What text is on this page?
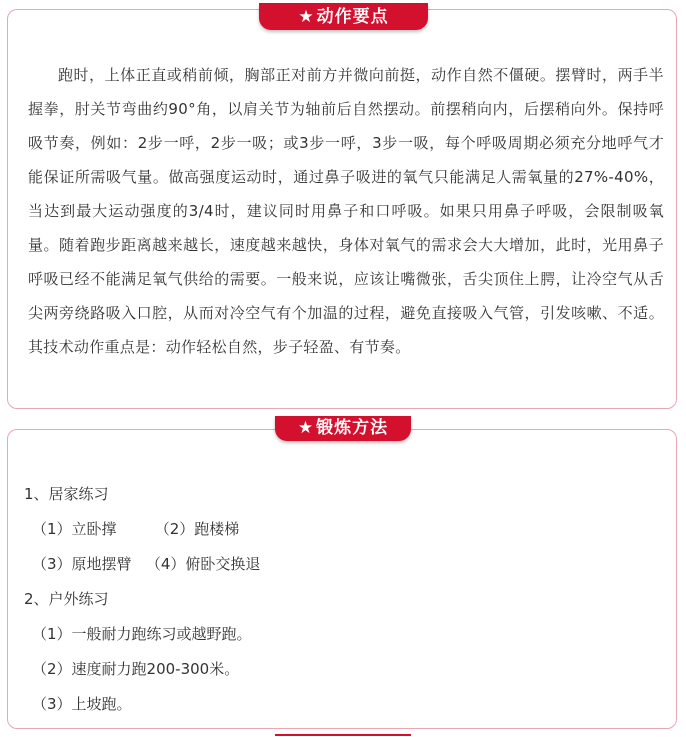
★ 动作要点

跑时，上体正直或稍前倾，胸部正对前方并微向前挺，动作自然不僵硬。摆臂时，两手半握拳，肘关节弯曲约90°角，以肩关节为轴前后自然摆动。前摆稍向内，后摆稍向外。保持呼吸节奏，例如：2步一呼，2步一吸；或3步一呼，3步一吸，每个呼吸周期必须充分地呼气才能保证所需吸气量。做高强度运动时，通过鼻子吸进的氧气只能满足人需氧量的27%-40%，当达到最大运动强度的3/4时，建议同时用鼻子和口呼吸。如果只用鼻子呼吸，会限制吸氧量。随着跑步距离越来越长，速度越来越快，身体对氧气的需求会大大增加，此时，光用鼻子呼吸已经不能满足氧气供给的需要。一般来说，应该让嘴微张，舌尖顶住上腭，让冷空气从舌尖两旁绕路吸入口腔，从而对冷空气有个加温的过程，避免直接吸入气管，引发咳嗽、不适。其技术动作重点是：动作轻松自然，步子轻盈、有节奏。

★ 锻炼方法
1、居家练习
（1）立卧撑        （2）跑楼梯
（3）原地摆臂   （4）俯卧交换退
2、户外练习
（1）一般耐力跑练习或越野跑。
（2）速度耐力跑200-300米。
（3）上坡跑。
